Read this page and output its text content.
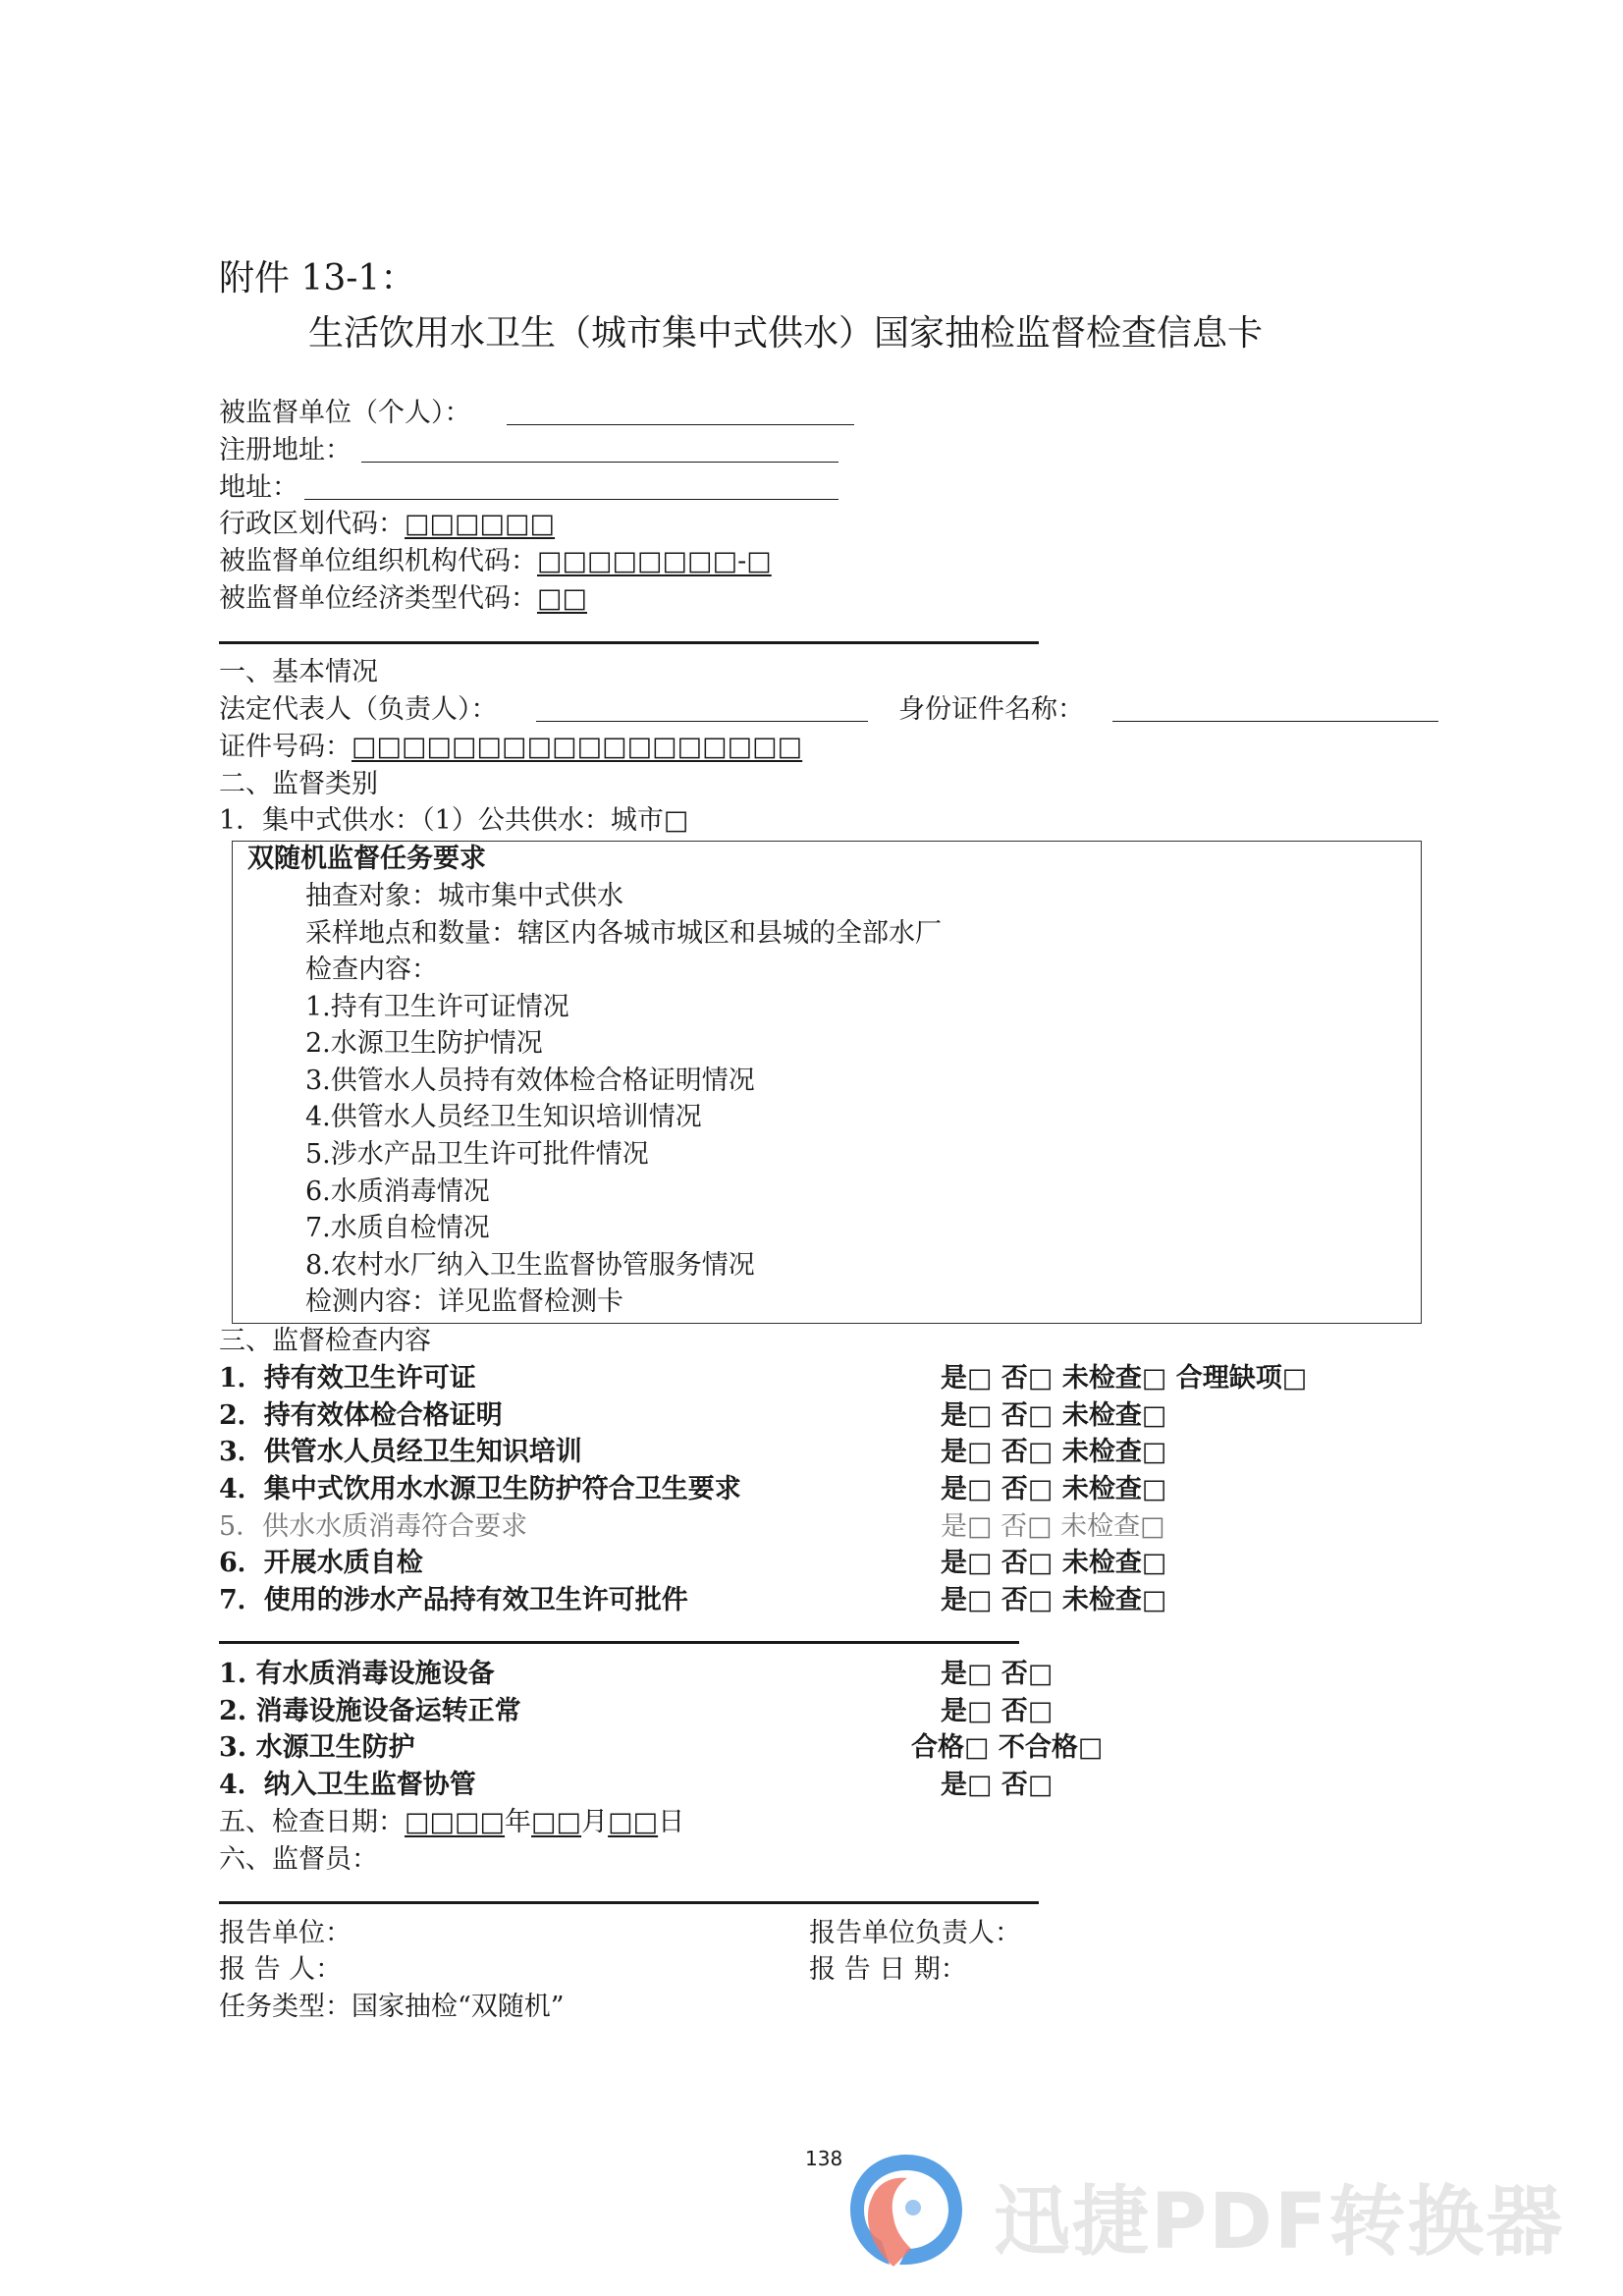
附件 13-1：
生活饮用水卫生（城市集中式供水）国家抽检监督检查信息卡
被监督单位（个人）：
注册地址：
地址：
行政区划代码：□□□□□□
被监督单位组织机构代码：□□□□□□□□-□
被监督单位经济类型代码：□□
一、基本情况
法定代表人（负责人）：	身份证件名称：
证件号码：□□□□□□□□□□□□□□□□□□
二、监督类别
1．集中式供水：（1）公共供水：城市□
双随机监督任务要求
抽查对象：城市集中式供水
采样地点和数量：辖区内各城市城区和县城的全部水厂
检查内容：
1.持有卫生许可证情况
2.水源卫生防护情况
3.供管水人员持有效体检合格证明情况
4.供管水人员经卫生知识培训情况
5.涉水产品卫生许可批件情况
6.水质消毒情况
7.水质自检情况
8.农村水厂纳入卫生监督协管服务情况
检测内容：详见监督检测卡
三、监督检查内容
1．持有效卫生许可证	是□ 否□ 未检查□ 合理缺项□
2．持有效体检合格证明	是□ 否□ 未检查□
3．供管水人员经卫生知识培训	是□ 否□ 未检查□
4．集中式饮用水水源卫生防护符合卫生要求	是□ 否□ 未检查□
5．供水水质消毒符合要求	是□ 否□ 未检查□
6．开展水质自检	是□ 否□ 未检查□
7．使用的涉水产品持有效卫生许可批件	是□ 否□ 未检查□
1. 有水质消毒设施设备	是□ 否□
2. 消毒设施设备运转正常	是□ 否□
3. 水源卫生防护	合格□ 不合格□
4．纳入卫生监督协管	是□ 否□
五、检查日期：□□□□年□□月□□日
六、监督员：
报告单位：	报告单位负责人：
报 告 人：	报 告 日 期：
任务类型：国家抽检“双随机”
138
迅捷PDF转换器
